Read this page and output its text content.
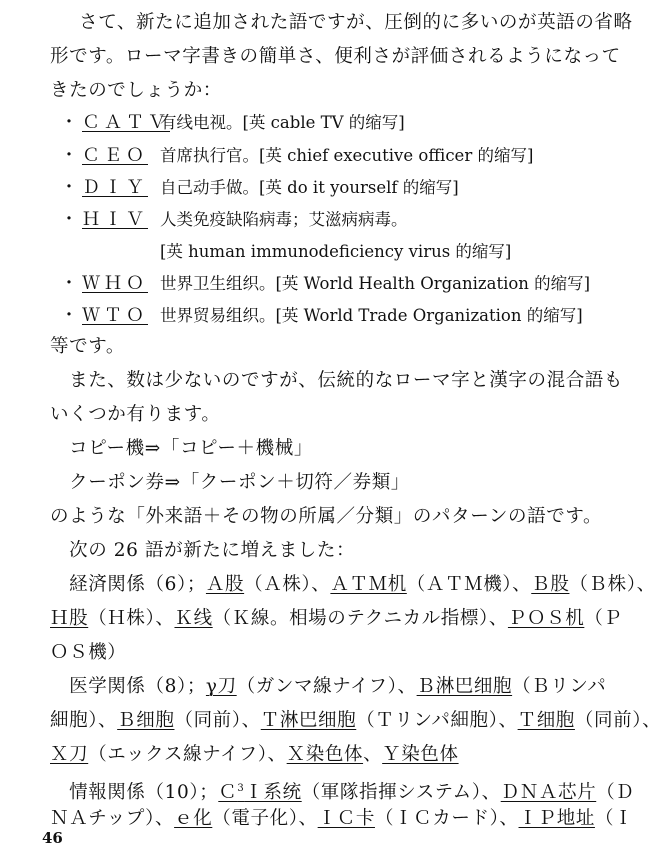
　さて、新たに追加された語ですが、圧倒的に多いのが英語の省略
形です。ローマ字書きの簡単さ、便利さが評価されるようになって
きたのでしょうか：
・ＣＡＴＶ
有线电视。[英 cable TV 的缩写]
・ＣＥＯ 首席执行官。[英 chief executive officer 的缩写]
・ＤＩＹ 自己动手做。[英 do it yourself 的缩写]
・ＨＩＶ 人类免疫缺陷病毒；艾滋病病毒。
[英 human immunodeficiency virus 的缩写]
・ＷＨＯ 世界卫生组织。[英 World Health Organization 的缩写]
・ＷＴＯ 世界贸易组织。[英 World Trade Organization 的缩写]
等です。
　また、数は少ないのですが、伝統的なローマ字と漢字の混合語も
いくつか有ります。
　コピー機⇒「コピー＋機械」
　クーポン券⇒「クーポン＋切符／券類」
のような「外来語＋その物の所属／分類」のパターンの語です。
　次の 26 語が新たに増えました：
　経済関係（6）；Ａ股（Ａ株）、ＡＴＭ机（ＡＴＭ機）、Ｂ股（Ｂ株）、
Ｈ股（Ｈ株）、Ｋ线（Ｋ線。相場のテクニカル指標）、ＰＯＳ机（Ｐ
ＯＳ機）
　医学関係（8）；γ刀（ガンマ線ナイフ）、Ｂ淋巴细胞（Ｂリンパ
細胞）、Ｂ细胞（同前）、Ｔ淋巴细胞（Ｔリンパ細胞）、Ｔ细胞（同前）、
Ｘ刀（エックス線ナイフ）、Ｘ染色体、Ｙ染色体
　情報関係（10）；Ｃ$^3$Ｉ系统（軍隊指揮システム）、ＤＮＡ芯片（Ｄ
ＮＡチップ）、ｅ化（電子化）、ＩＣ卡（ＩＣカード）、ＩＰ地址（Ｉ
46
